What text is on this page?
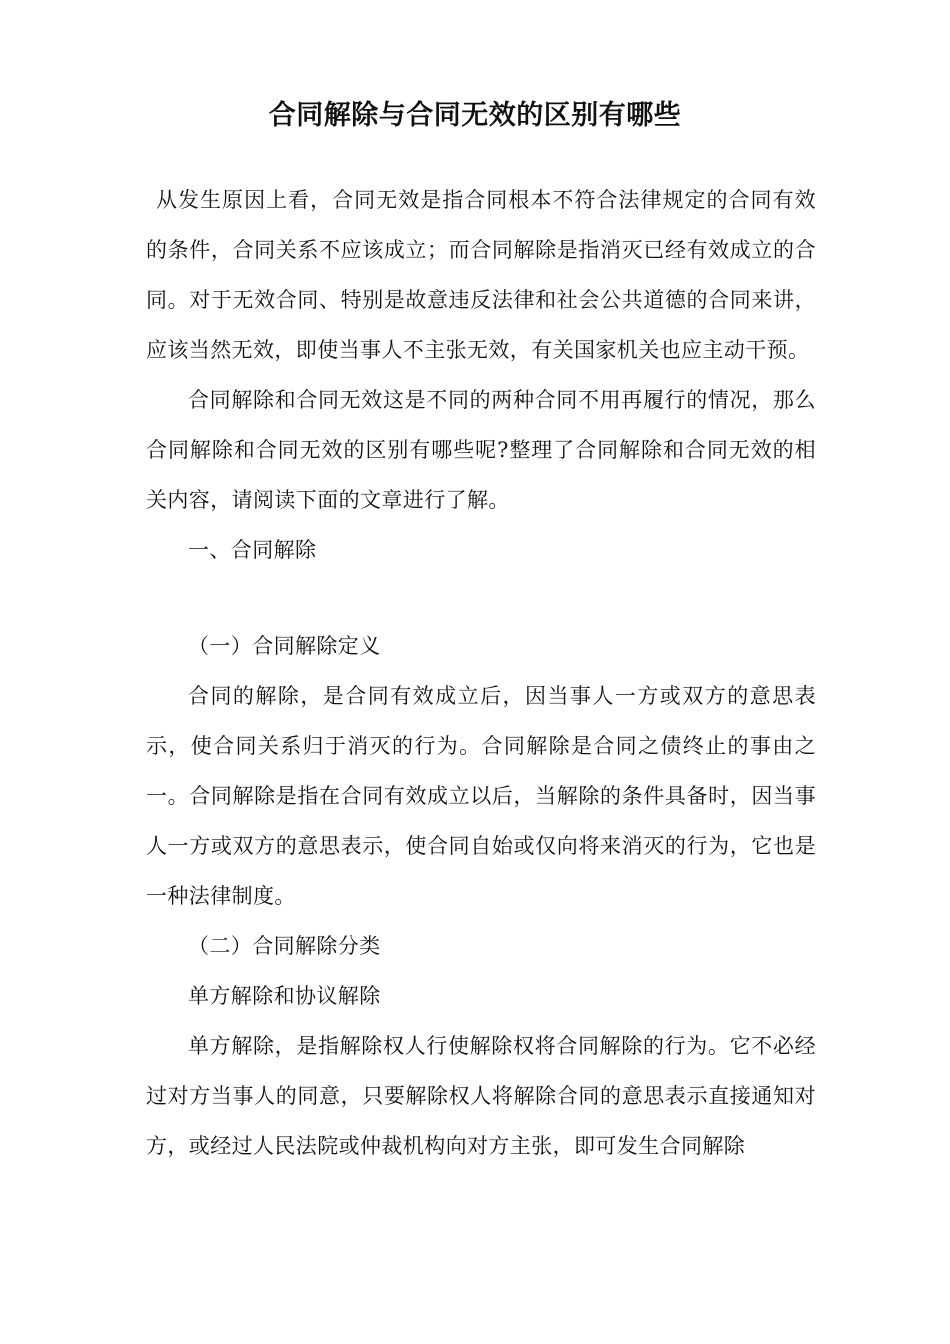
合同解除与合同无效的区别有哪些

从发生原因上看，合同无效是指合同根本不符合法律规定的合同有效的条件，合同关系不应该成立；而合同解除是指消灭已经有效成立的合同。对于无效合同、特别是故意违反法律和社会公共道德的合同来讲，应该当然无效，即使当事人不主张无效，有关国家机关也应主动干预。

合同解除和合同无效这是不同的两种合同不用再履行的情况，那么合同解除和合同无效的区别有哪些呢?整理了合同解除和合同无效的相关内容，请阅读下面的文章进行了解。

一、合同解除

（一）合同解除定义

合同的解除，是合同有效成立后，因当事人一方或双方的意思表示，使合同关系归于消灭的行为。合同解除是合同之债终止的事由之一。合同解除是指在合同有效成立以后，当解除的条件具备时，因当事人一方或双方的意思表示，使合同自始或仅向将来消灭的行为，它也是一种法律制度。

（二）合同解除分类

单方解除和协议解除

单方解除，是指解除权人行使解除权将合同解除的行为。它不必经过对方当事人的同意，只要解除权人将解除合同的意思表示直接通知对方，或经过人民法院或仲裁机构向对方主张，即可发生合同解除
